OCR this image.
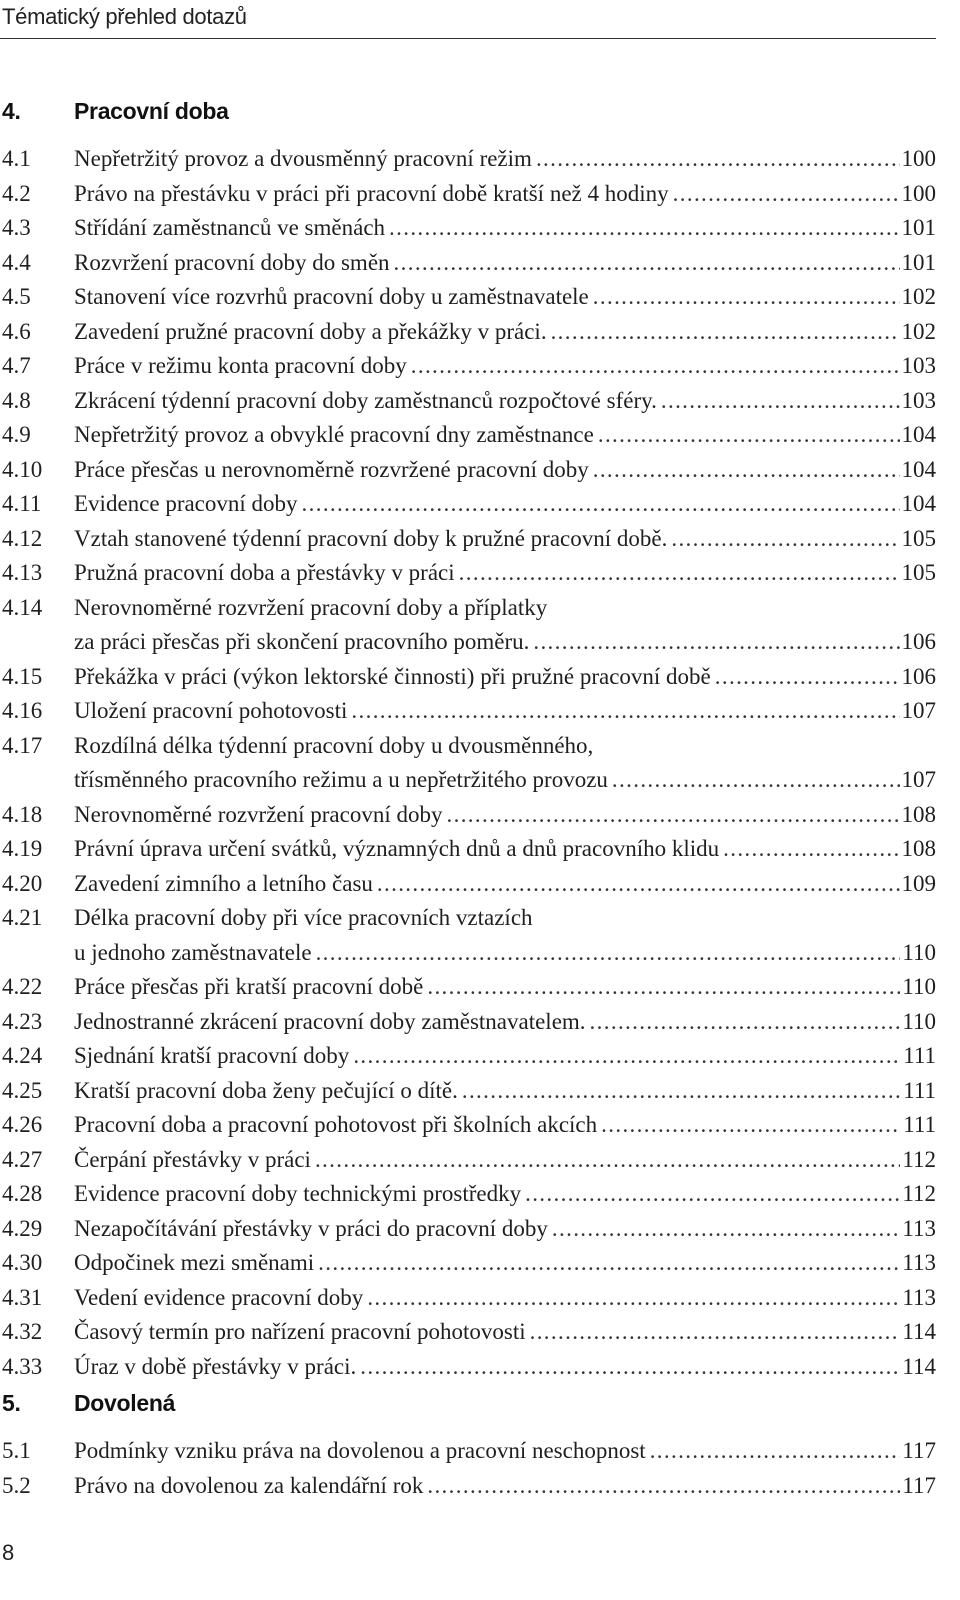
Tématický přehled dotazů
4. Pracovní doba
4.1 Nepřetržitý provoz a dvousměnný pracovní režim . . .	100
4.2 Právo na přestávku v práci při pracovní době kratší než 4 hodiny . . .	100
4.3 Střídání zaměstnanců ve směnách . . .	101
4.4 Rozvržení pracovní doby do směn . . .	101
4.5 Stanovení více rozvrhů pracovní doby u zaměstnavatele . . .	102
4.6 Zavedení pružné pracovní doby a překážky v práci. . . .	102
4.7 Práce v režimu konta pracovní doby . . .	103
4.8 Zkrácení týdenní pracovní doby zaměstnanců rozpočtové sféry. . . .	103
4.9 Nepřetržitý provoz a obvyklé pracovní dny zaměstnance . . .	104
4.10 Práce přesčas u nerovnoměrně rozvržené pracovní doby . . .	104
4.11 Evidence pracovní doby . . .	104
4.12 Vztah stanovené týdenní pracovní doby k pružné pracovní době. . . .	105
4.13 Pružná pracovní doba a přestávky v práci . . .	105
4.14 Nerovnoměrné rozvržení pracovní doby a příplatky
za práci přesčas při skončení pracovního poměru. . . .	106
4.15 Překážka v práci (výkon lektorské činnosti) při pružné pracovní době . . .	106
4.16 Uložení pracovní pohotovosti . . .	107
4.17 Rozdílná délka týdenní pracovní doby u dvousměnného,
třísměnného pracovního režimu a u nepřetržitého provozu . . .	107
4.18 Nerovnoměrné rozvržení pracovní doby . . .	108
4.19 Právní úprava určení svátků, významných dnů a dnů pracovního klidu . . .	108
4.20 Zavedení zimního a letního času . . .	109
4.21 Délka pracovní doby při více pracovních vztazích
u jednoho zaměstnavatele . . .	110
4.22 Práce přesčas při kratší pracovní době . . .	110
4.23 Jednostranné zkrácení pracovní doby zaměstnavatelem. . . .	110
4.24 Sjednání kratší pracovní doby . . .	111
4.25 Kratší pracovní doba ženy pečující o dítě. . . .	111
4.26 Pracovní doba a pracovní pohotovost při školních akcích . . .	111
4.27 Čerpání přestávky v práci . . .	112
4.28 Evidence pracovní doby technickými prostředky . . .	112
4.29 Nezapočítávání přestávky v práci do pracovní doby . . .	113
4.30 Odpočinek mezi směnami . . .	113
4.31 Vedení evidence pracovní doby . . .	113
4.32 Časový termín pro nařízení pracovní pohotovosti . . .	114
4.33 Úraz v době přestávky v práci. . . .	114
5. Dovolená
5.1 Podmínky vzniku práva na dovolenou a pracovní neschopnost . . .	117
5.2 Právo na dovolenou za kalendářní rok . . .	117
8
